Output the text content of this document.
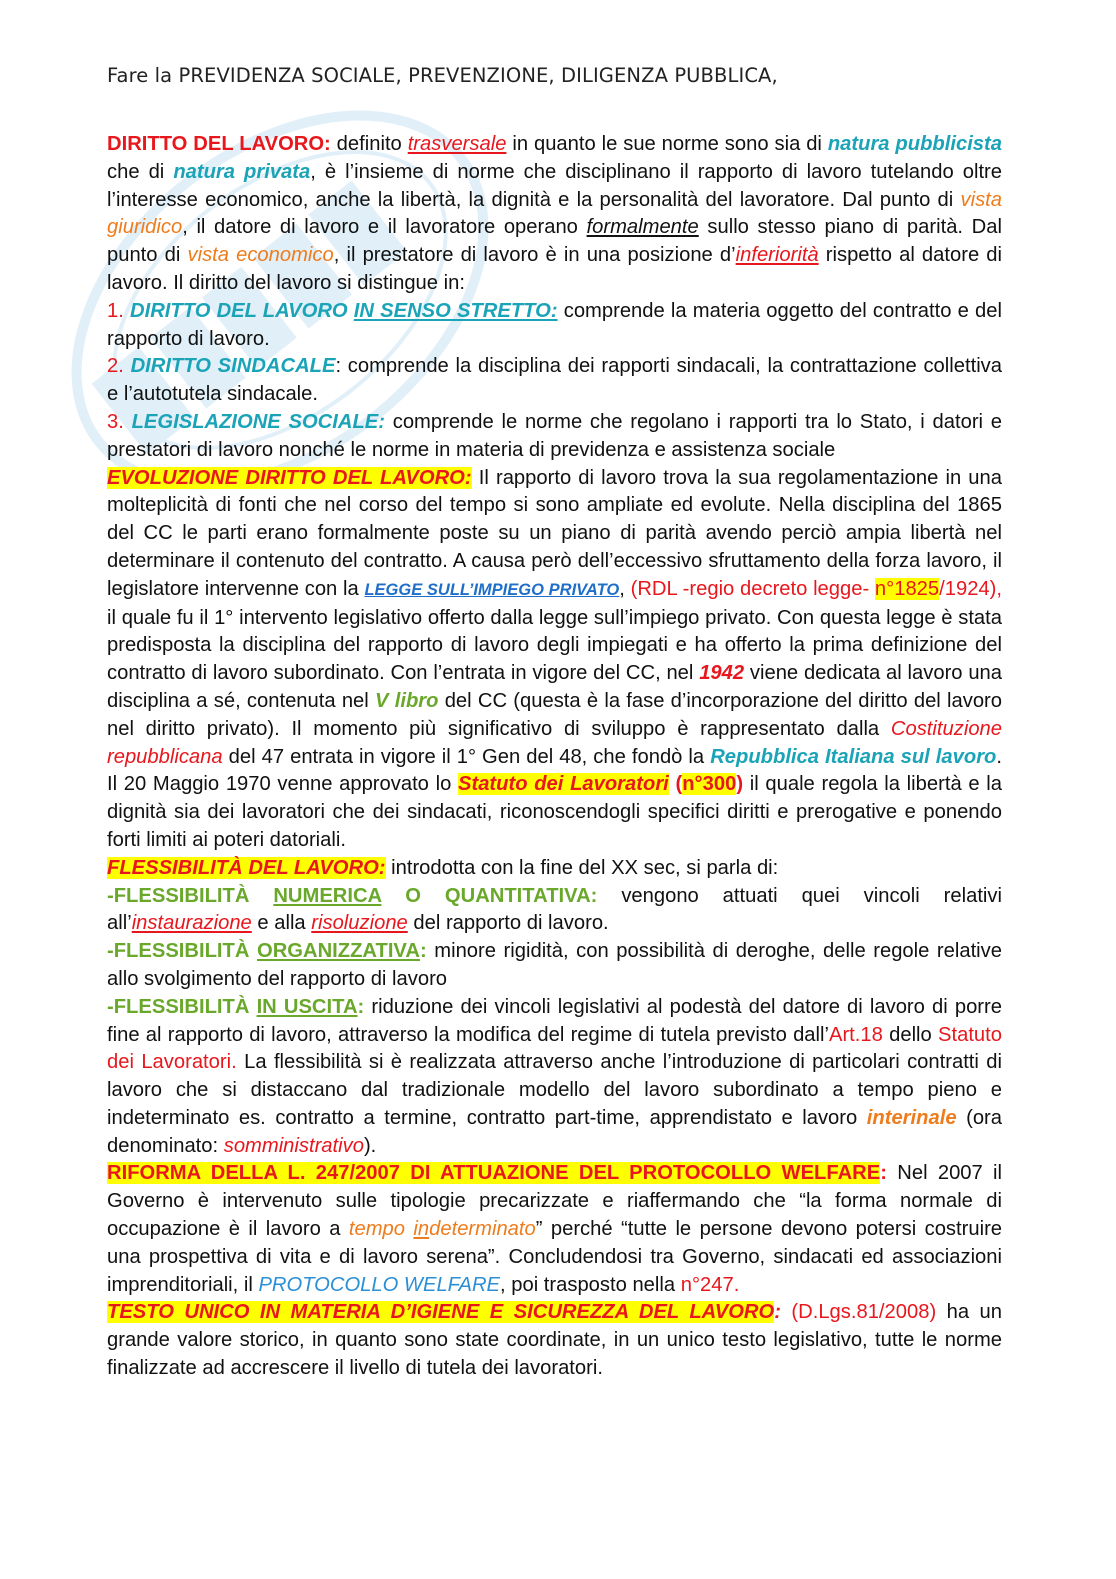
Fare la PREVIDENZA SOCIALE, PREVENZIONE, DILIGENZA PUBBLICA,

DIRITTO DEL LAVORO: definito trasversale in quanto le sue norme sono sia di natura pubblicista che di natura privata, è l’insieme di norme che disciplinano il rapporto di lavoro tutelando oltre l’interesse economico, anche la libertà, la dignità e la personalità del lavoratore. Dal punto di vista giuridico, il datore di lavoro e il lavoratore operano formalmente sullo stesso piano di parità. Dal punto di vista economico, il prestatore di lavoro è in una posizione d’inferiorità rispetto al datore di lavoro. Il diritto del lavoro si distingue in:

1. DIRITTO DEL LAVORO IN SENSO STRETTO: comprende la materia oggetto del contratto e del rapporto di lavoro.

2. DIRITTO SINDACALE: comprende la disciplina dei rapporti sindacali, la contrattazione collettiva e l’autotutela sindacale.

3. LEGISLAZIONE SOCIALE: comprende le norme che regolano i rapporti tra lo Stato, i datori e prestatori di lavoro nonché le norme in materia di previdenza e assistenza sociale

EVOLUZIONE DIRITTO DEL LAVORO: Il rapporto di lavoro trova la sua regolamentazione in una molteplicità di fonti che nel corso del tempo si sono ampliate ed evolute. Nella disciplina del 1865 del CC le parti erano formalmente poste su un piano di parità avendo perciò ampia libertà nel determinare il contenuto del contratto. A causa però dell’eccessivo sfruttamento della forza lavoro, il legislatore intervenne con la LEGGE SULL’IMPIEGO PRIVATO, (RDL -regio decreto legge- n°1825/1924), il quale fu il 1° intervento legislativo offerto dalla legge sull’impiego privato. Con questa legge è stata predisposta la disciplina del rapporto di lavoro degli impiegati e ha offerto la prima definizione del contratto di lavoro subordinato. Con l’entrata in vigore del CC, nel 1942 viene dedicata al lavoro una disciplina a sé, contenuta nel V libro del CC (questa è la fase d’incorporazione del diritto del lavoro nel diritto privato). Il momento più significativo di sviluppo è rappresentato dalla Costituzione repubblicana del 47 entrata in vigore il 1° Gen del 48, che fondò la Repubblica Italiana sul lavoro. Il 20 Maggio 1970 venne approvato lo Statuto dei Lavoratori (n°300) il quale regola la libertà e la dignità sia dei lavoratori che dei sindacati, riconoscendogli specifici diritti e prerogative e ponendo forti limiti ai poteri datoriali.

FLESSIBILITÀ DEL LAVORO: introdotta con la fine del XX sec, si parla di:

-FLESSIBILITÀ NUMERICA O QUANTITATIVA: vengono attuati quei vincoli relativi all’instaurazione e alla risoluzione del rapporto di lavoro.

-FLESSIBILITÀ ORGANIZZATIVA: minore rigidità, con possibilità di deroghe, delle regole relative allo svolgimento del rapporto di lavoro

-FLESSIBILITÀ IN USCITA: riduzione dei vincoli legislativi al podestà del datore di lavoro di porre fine al rapporto di lavoro, attraverso la modifica del regime di tutela previsto dall’Art.18 dello Statuto dei Lavoratori. La flessibilità si è realizzata attraverso anche l’introduzione di particolari contratti di lavoro che si distaccano dal tradizionale modello del lavoro subordinato a tempo pieno e indeterminato es. contratto a termine, contratto part-time, apprendistato e lavoro interinale (ora denominato: somministrativo).

RIFORMA DELLA L. 247/2007 DI ATTUAZIONE DEL PROTOCOLLO WELFARE: Nel 2007 il Governo è intervenuto sulle tipologie precarizzate e riaffermando che “la forma normale di occupazione è il lavoro a tempo indeterminato” perché “tutte le persone devono potersi costruire una prospettiva di vita e di lavoro serena”. Concludendosi tra Governo, sindacati ed associazioni imprenditoriali, il PROTOCOLLO WELFARE, poi trasposto nella n°247.

TESTO UNICO IN MATERIA D’IGIENE E SICUREZZA DEL LAVORO: (D.Lgs.81/2008) ha un grande valore storico, in quanto sono state coordinate, in un unico testo legislativo, tutte le norme finalizzate ad accrescere il livello di tutela dei lavoratori.
